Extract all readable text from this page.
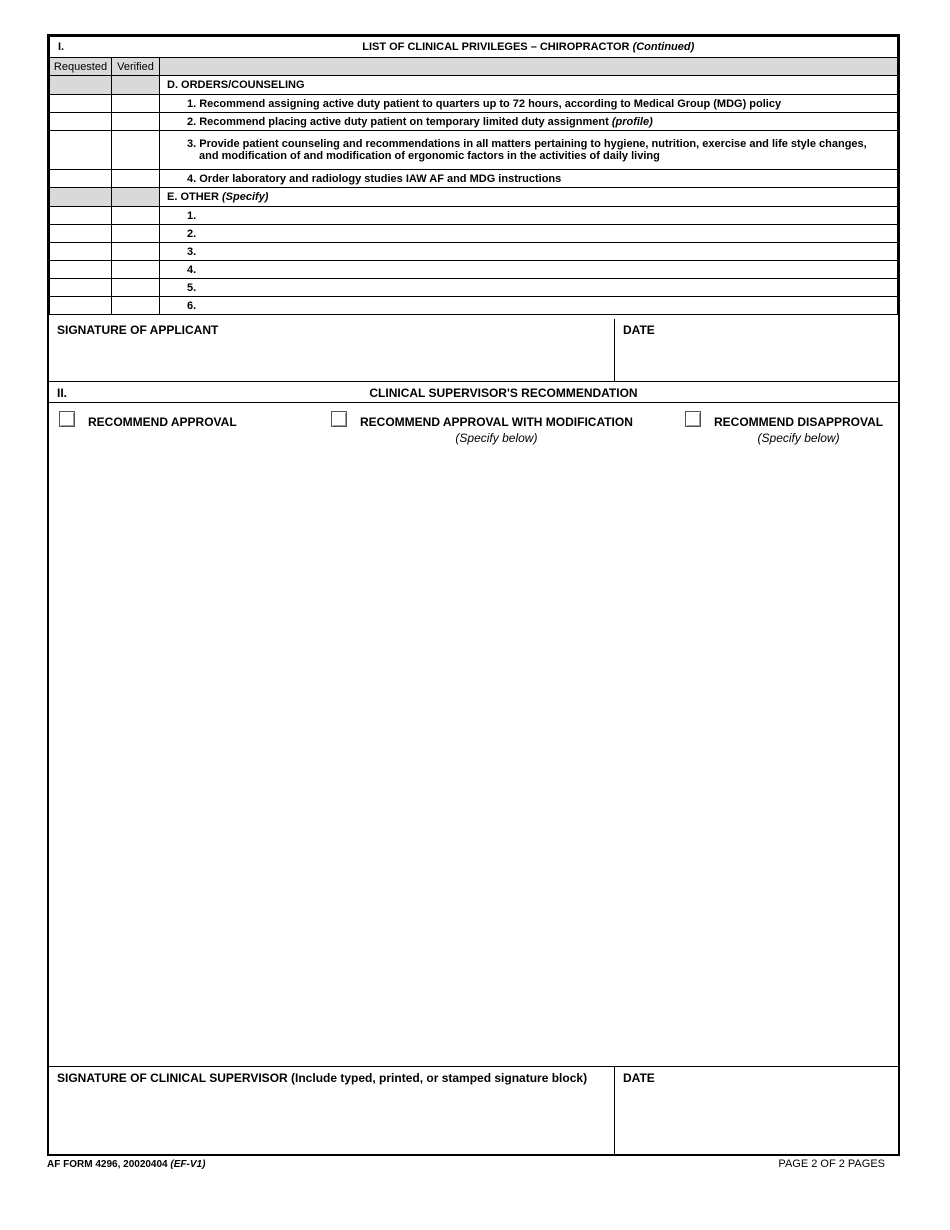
I.		LIST OF CLINICAL PRIVILEGES – CHIROPRACTOR (Continued)
Requested	Verified	
		D. ORDERS/COUNSELING
		1. Recommend assigning active duty patient to quarters up to 72 hours, according to Medical Group (MDG) policy
		2. Recommend placing active duty patient on temporary limited duty assignment (profile)
		3. Provide patient counseling and recommendations in all matters pertaining to hygiene, nutrition, exercise and life style changes,
and modification of and modification of ergonomic factors in the activities of daily living

		4. Order laboratory and radiology studies IAW AF and MDG instructions
		E. OTHER (Specify)
		1.
		2.
		3.
		4.
		5.
		6.
SIGNATURE OF APPLICANT	DATE
II.	CLINICAL SUPERVISOR'S RECOMMENDATION
RECOMMEND APPROVAL	RECOMMEND APPROVAL WITH MODIFICATION
(Specify below)
RECOMMEND DISAPPROVAL
(Specify below)
SIGNATURE OF CLINICAL SUPERVISOR (Include typed, printed, or stamped signature block)	DATE
AF FORM 4296, 20020404 (EF-V1)	PAGE 2 OF 2 PAGES
